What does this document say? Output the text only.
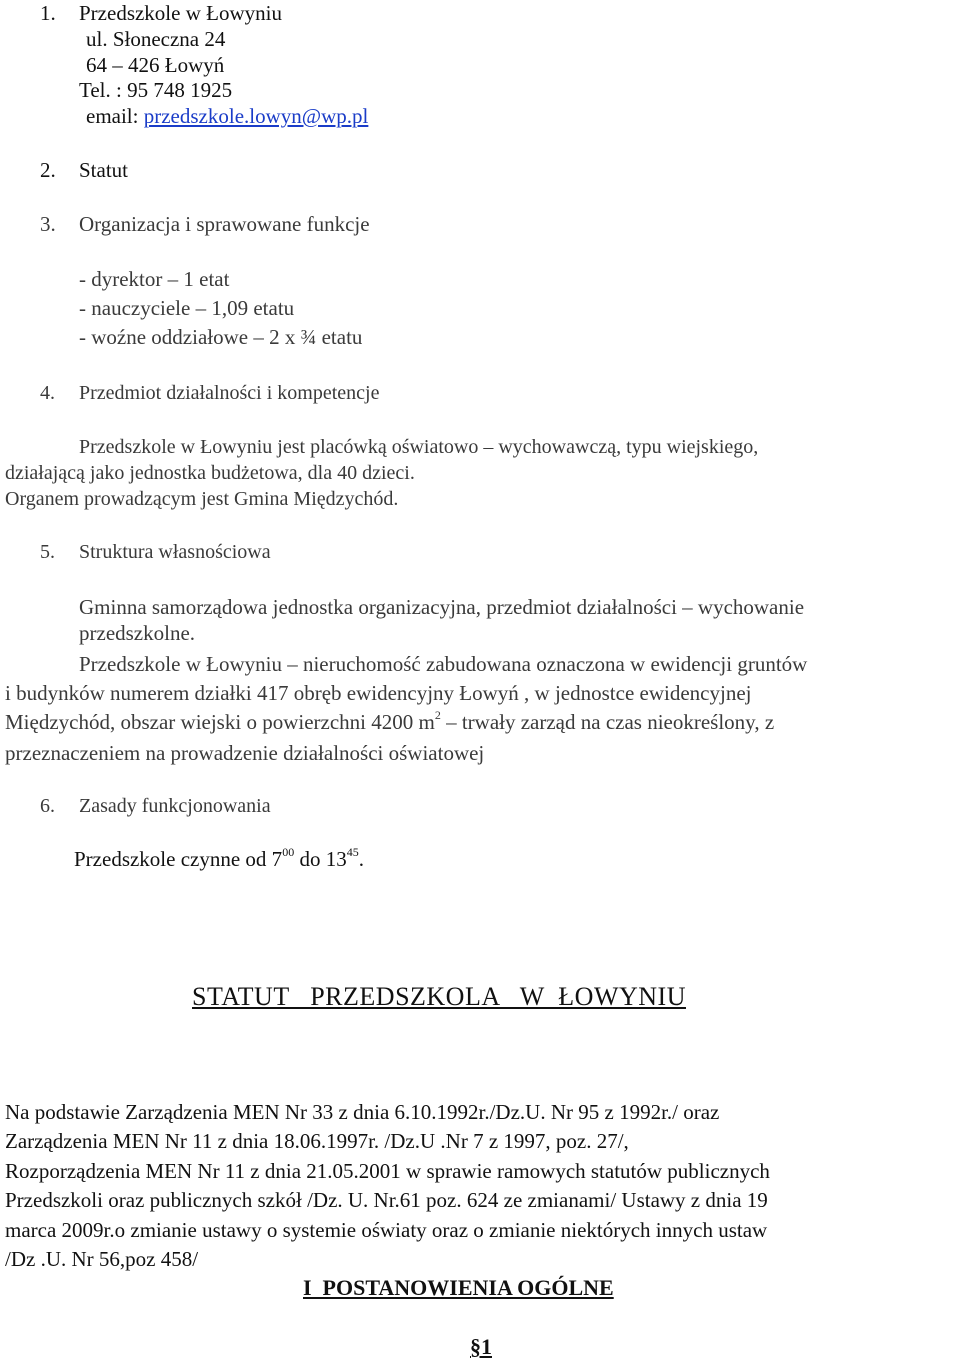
1. Przedszkole w Łowyniu
ul. Słoneczna 24
64 – 426 Łowyń
Tel. : 95 748 1925
email: przedszkole.lowyn@wp.pl
2. Statut
3. Organizacja i sprawowane funkcje
- dyrektor – 1 etat
- nauczyciele – 1,09 etatu
- woźne oddziałowe – 2 x ¾ etatu
4. Przedmiot działalności i kompetencje
Przedszkole w Łowyniu jest placówką oświatowo – wychowawczą, typu wiejskiego,
działającą jako jednostka budżetowa, dla 40 dzieci.
Organem prowadzącym jest Gmina Międzychód.
5. Struktura własnościowa
Gminna samorządowa jednostka organizacyjna, przedmiot działalności – wychowanie
przedszkolne.
Przedszkole w Łowyniu – nieruchomość zabudowana oznaczona w ewidencji gruntów
i budynków numerem działki 417 obręb ewidencyjny Łowyń , w jednostce ewidencyjnej
Międzychód, obszar wiejski o powierzchni 4200 $m^2$ – trwały zarząd na czas nieokreślony, z
przeznaczeniem na prowadzenie działalności oświatowej
6. Zasady funkcjonowania
Przedszkole czynne od $7^{00}$ do $13^{45}$.
STATUT   PRZEDSZKOLA   W  ŁOWYNIU
Na podstawie Zarządzenia MEN Nr 33 z dnia 6.10.1992r./Dz.U. Nr 95 z 1992r./ oraz
Zarządzenia MEN Nr 11 z dnia 18.06.1997r. /Dz.U .Nr 7 z 1997, poz. 27/,
Rozporządzenia MEN Nr 11 z dnia 21.05.2001 w sprawie ramowych statutów publicznych
Przedszkoli oraz publicznych szkół /Dz. U. Nr.61 poz. 624 ze zmianami/ Ustawy z dnia 19
marca 2009r.o zmianie ustawy o systemie oświaty oraz o zmianie niektórych innych ustaw
/Dz .U. Nr 56,poz 458/
I  POSTANOWIENIA OGÓLNE
§1
